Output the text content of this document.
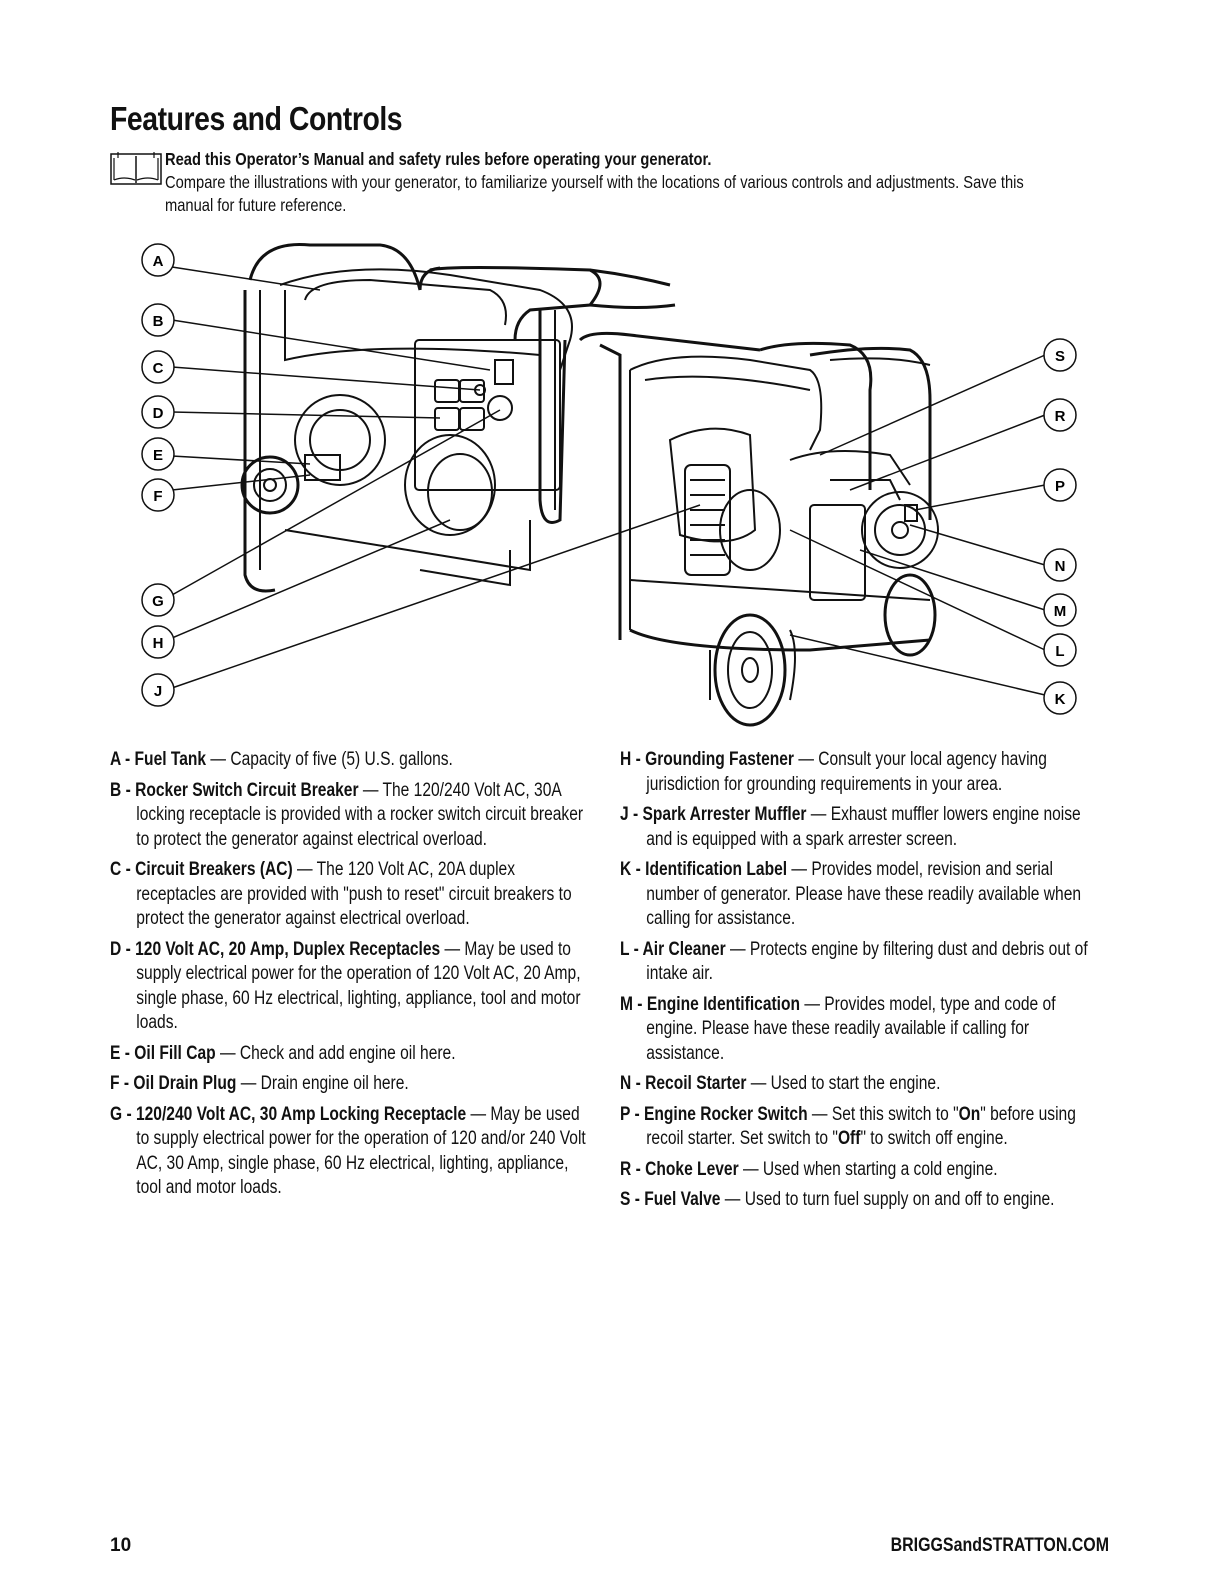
Features and Controls
Read this Operator’s Manual and safety rules before operating your generator.
Compare the illustrations with your generator, to familiarize yourself with the locations of various controls and adjustments. Save this manual for future reference.
A
B
C
D
E
F
G
H
J
S
R
P
N
M
L
K

A - Fuel Tank — Capacity of five (5) U.S. gallons.

B - Rocker Switch Circuit Breaker — The 120/240 Volt AC, 30A locking receptacle is provided with a rocker switch circuit breaker to protect the generator against electrical overload.

C - Circuit Breakers (AC) — The 120 Volt AC, 20A duplex receptacles are provided with "push to reset" circuit breakers to protect the generator against electrical overload.

D - 120 Volt AC, 20 Amp, Duplex Receptacles — May be used to supply electrical power for the operation of 120 Volt AC, 20 Amp, single phase, 60 Hz electrical, lighting, appliance, tool and motor loads.

E - Oil Fill Cap — Check and add engine oil here.

F - Oil Drain Plug — Drain engine oil here.

G - 120/240 Volt AC, 30 Amp Locking Receptacle — May be used to supply electrical power for the operation of 120 and/or 240 Volt AC, 30 Amp, single phase, 60 Hz electrical, lighting, appliance, tool and motor loads.

H - Grounding Fastener — Consult your local agency having jurisdiction for grounding requirements in your area.

J - Spark Arrester Muffler — Exhaust muffler lowers engine noise and is equipped with a spark arrester screen.

K - Identification Label — Provides model, revision and serial number of generator. Please have these readily available when calling for assistance.

L - Air Cleaner — Protects engine by filtering dust and debris out of intake air.

M - Engine Identification — Provides model, type and code of engine. Please have these readily available if calling for assistance.

N - Recoil Starter — Used to start the engine.

P - Engine Rocker Switch — Set this switch to "On" before using recoil starter. Set switch to "Off" to switch off engine.

R - Choke Lever — Used when starting a cold engine.

S - Fuel Valve — Used to turn fuel supply on and off to engine.

10	BRIGGSandSTRATTON.COM
